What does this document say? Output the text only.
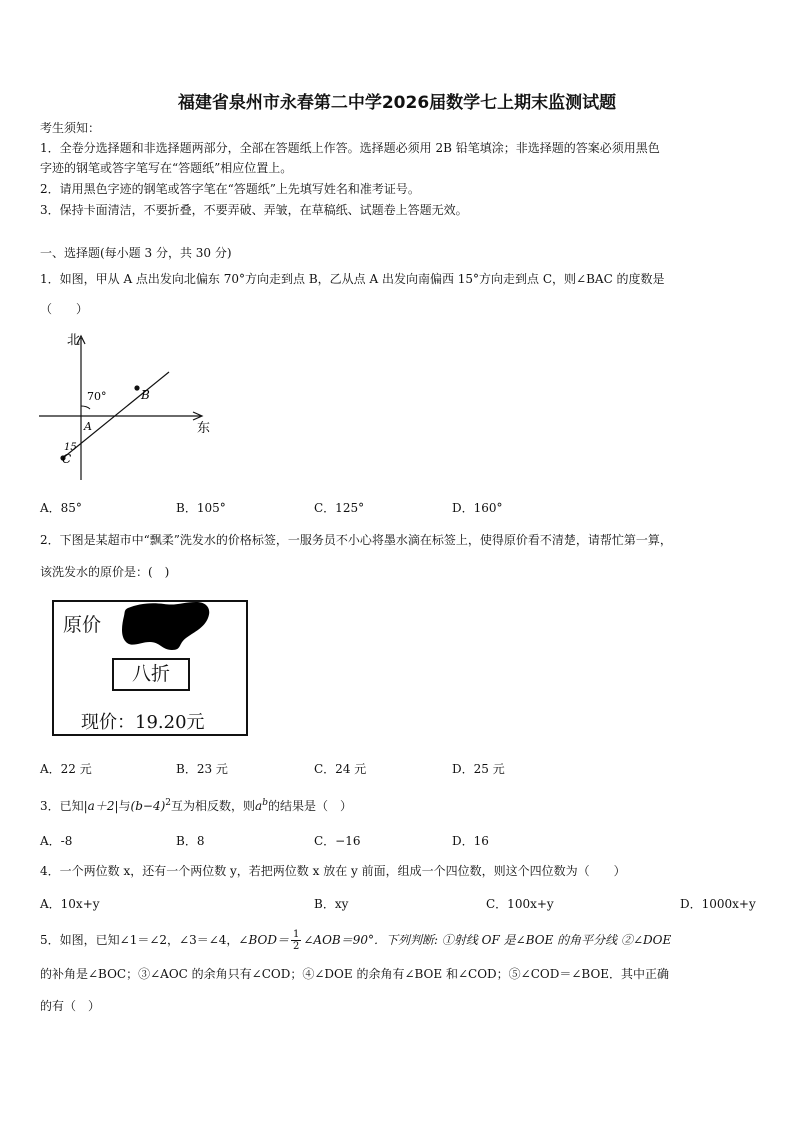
福建省泉州市永春第二中学2026届数学七上期末监测试题
考生须知：
1．全卷分选择题和非选择题两部分，全部在答题纸上作答。选择题必须用 2B 铅笔填涂；非选择题的答案必须用黑色
字迹的钢笔或答字笔写在“答题纸”相应位置上。
2．请用黑色字迹的钢笔或答字笔在“答题纸”上先填写姓名和准考证号。
3．保持卡面清洁，不要折叠，不要弄破、弄皱，在草稿纸、试题卷上答题无效。
一、选择题(每小题 3 分，共 30 分)
1．如图，甲从 A 点出发向北偏东 70°方向走到点 B，乙从点 A 出发向南偏西 15°方向走到点 C，则∠BAC 的度数是
（　　）
北
东
70°
15
A
B
C
A．85°	B．105°	C．125°	D．160°
2．下图是某超市中“飘柔”洗发水的价格标签，一服务员不小心将墨水滴在标签上，使得原价看不清楚，请帮忙第一算，
该洗发水的原价是：(　)
原价
八折
现价：19.20元
A．22 元	B．23 元	C．24 元	D．25 元
3．已知|a＋2|与$(b-4)^2$互为相反数，则$a^b$的结果是（　）
A．-8	B．8	C．−16	D．16
4．一个两位数 x，还有一个两位数 y，若把两位数 x 放在 y 前面，组成一个四位数，则这个四位数为（　　）
A．10x+y	B．xy	C．100x+y	D．1000x+y
5．如图，已知∠1＝∠2，∠3＝∠4，∠BOD＝ $\frac{1}{2}$ ∠AOB＝90°．下列判断: ①射线 OF 是∠BOE 的角平分线 ②∠DOE
的补角是∠BOC；③∠AOC 的余角只有∠COD；④∠DOE 的余角有∠BOE 和∠COD；⑤∠COD＝∠BOE．其中正确
的有（　）
